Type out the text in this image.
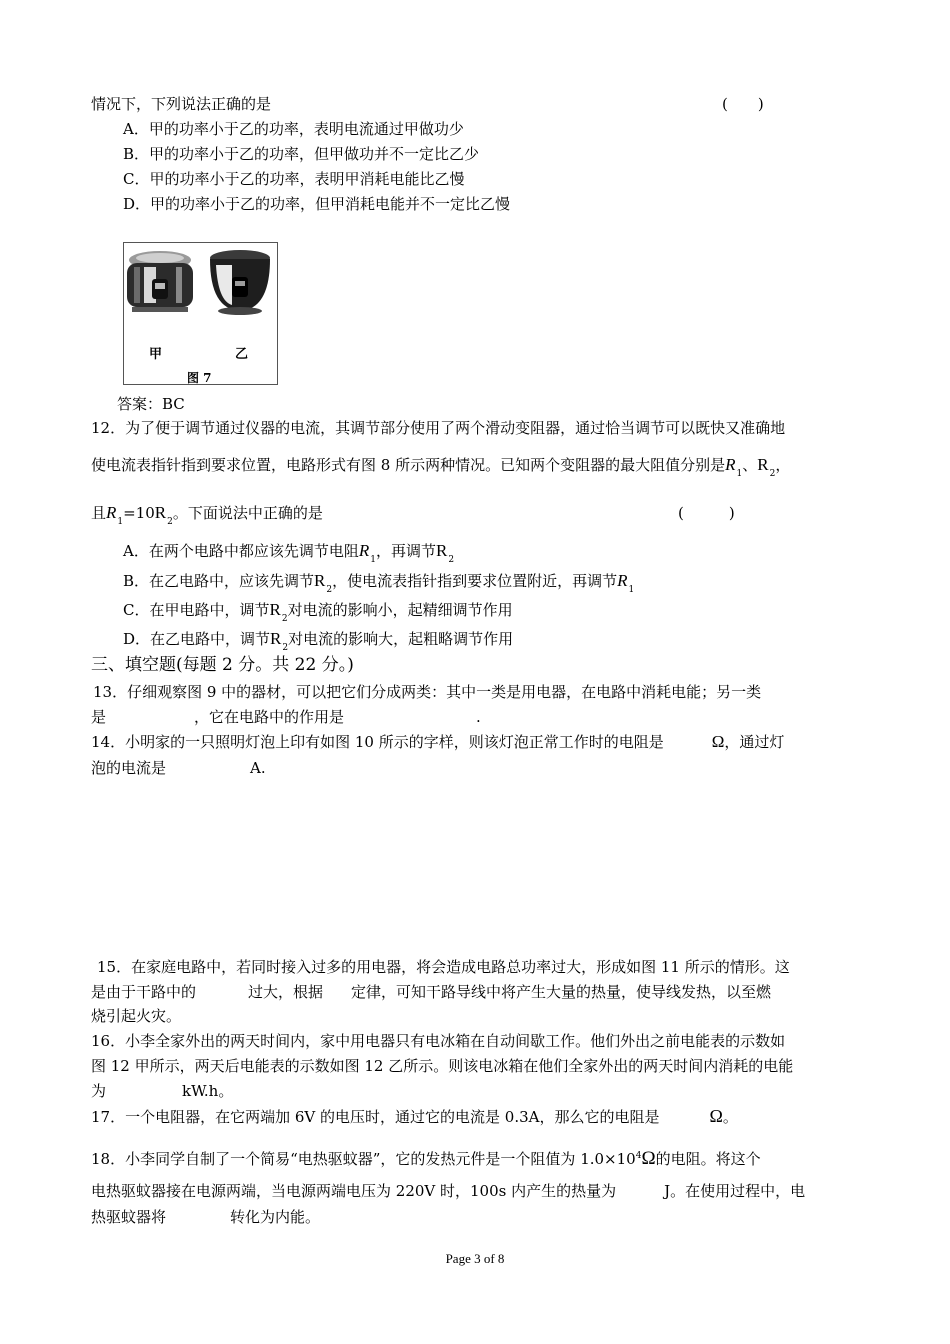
情况下，下列说法正确的是	(　　)
A．甲的功率小于乙的功率，表明电流通过甲做功少
B．甲的功率小于乙的功率，但甲做功并不一定比乙少
C．甲的功率小于乙的功率，表明甲消耗电能比乙慢
D．甲的功率小于乙的功率，但甲消耗电能并不一定比乙慢
甲	乙
图 7
答案：BC
12．为了便于调节通过仪器的电流，其调节部分使用了两个滑动变阻器，通过恰当调节可以既快又准确地
使电流表指针指到要求位置，电路形式有图 8 所示两种情况。已知两个变阻器的最大阻值分别是$R_1$、$R_2$，
且$R_1=10R_2$。下面说法中正确的是	(　　　)
A．在两个电路中都应该先调节电阻$R_1$，再调节$R_2$
B．在乙电路中，应该先调节$R_2$，使电流表指针指到要求位置附近，再调节$R_1$
C．在甲电路中，调节$R_2$对电流的影响小，起精细调节作用
D．在乙电路中，调节$R_2$对电流的影响大，起粗略调节作用
三、填空题(每题 2 分。共 22 分。)
13．仔细观察图 9 中的器材，可以把它们分成两类：其中一类是用电器，在电路中消耗电能；另一类
是	，它在电路中的作用是	.
14．小明家的一只照明灯泡上印有如图 10 所示的字样，则该灯泡正常工作时的电阻是	Ω，通过灯
泡的电流是	A.
15．在家庭电路中，若同时接入过多的用电器，将会造成电路总功率过大，形成如图 11 所示的情形。这
是由于干路中的	过大，根据 定律，可知干路导线中将产生大量的热量，使导线发热，以至燃
烧引起火灾。
16．小李全家外出的两天时间内，家中用电器只有电冰箱在自动间歇工作。他们外出之前电能表的示数如
图 12 甲所示，两天后电能表的示数如图 12 乙所示。则该电冰箱在他们全家外出的两天时间内消耗的电能
为	kW.h。
17．一个电阻器，在它两端加 6V 的电压时，通过它的电流是 0.3A，那么它的电阻是	Ω。
18．小李同学自制了一个简易“电热驱蚊器”，它的发热元件是一个阻值为 $1.0\times 10^4\Omega$的电阻。将这个
电热驱蚊器接在电源两端，当电源两端电压为 220V 时，100s 内产生的热量为	J。在使用过程中，电
热驱蚊器将	转化为内能。
Page 3 of 8
